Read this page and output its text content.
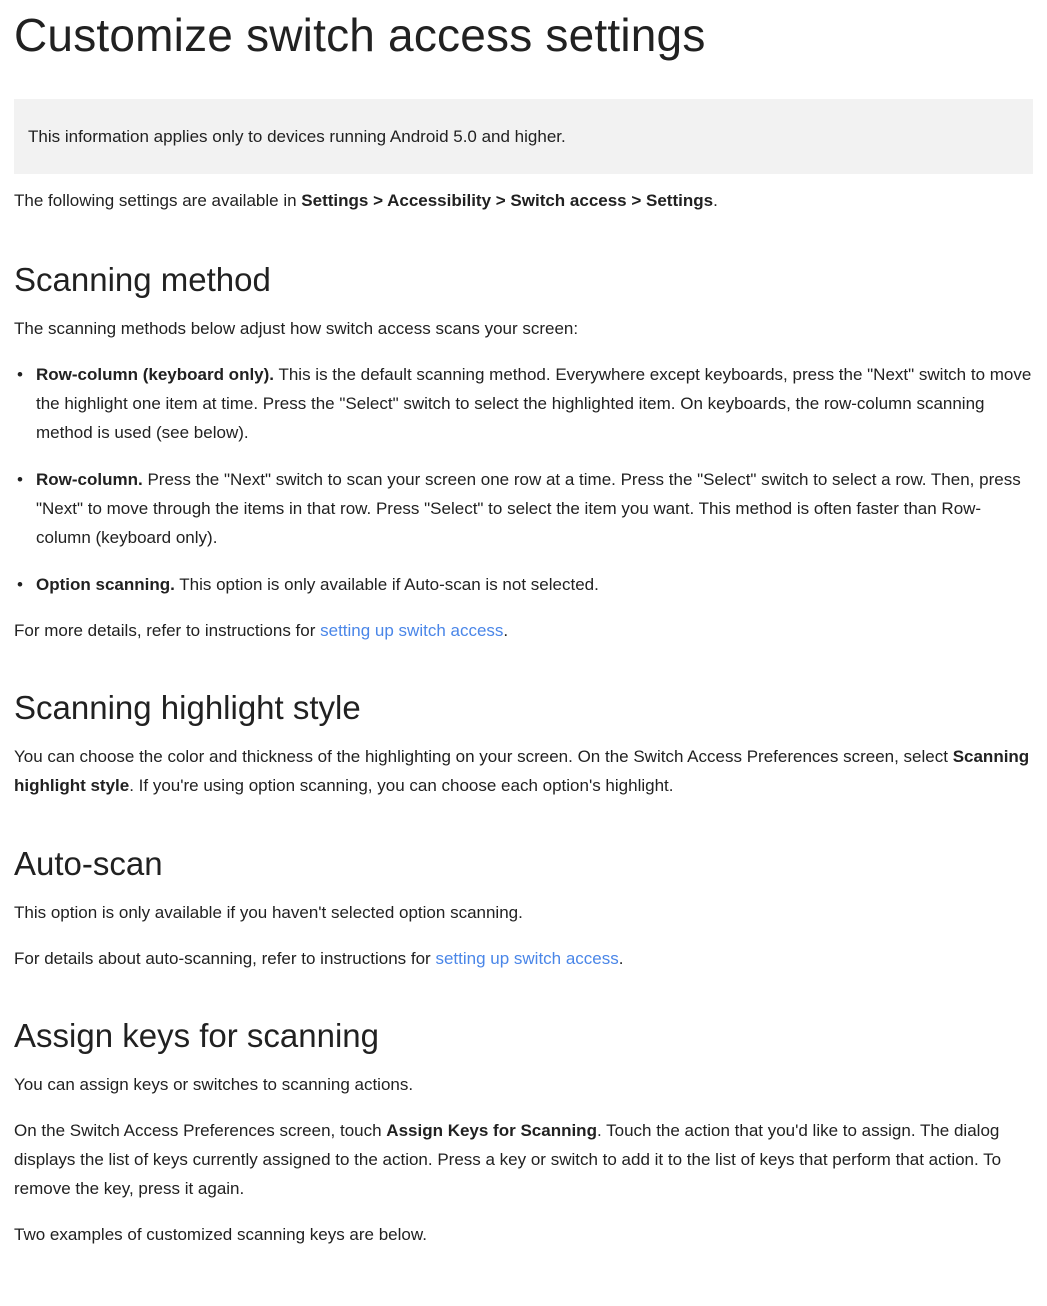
Customize switch access settings
This information applies only to devices running Android 5.0 and higher.

The following settings are available in Settings > Accessibility > Switch access > Settings.

Scanning method

The scanning methods below adjust how switch access scans your screen:

• Row-column (keyboard only). This is the default scanning method. Everywhere except keyboards, press the "Next" switch to move the highlight one item at time. Press the "Select" switch to select the highlighted item. On keyboards, the row-column scanning method is used (see below).
• Row-column. Press the "Next" switch to scan your screen one row at a time. Press the "Select" switch to select a row. Then, press "Next" to move through the items in that row. Press "Select" to select the item you want. This method is often faster than Row-column (keyboard only).
• Option scanning. This option is only available if Auto-scan is not selected.

For more details, refer to instructions for setting up switch access.

Scanning highlight style

You can choose the color and thickness of the highlighting on your screen. On the Switch Access Preferences screen, select Scanning highlight style. If you're using option scanning, you can choose each option's highlight.

Auto-scan

This option is only available if you haven't selected option scanning.

For details about auto-scanning, refer to instructions for setting up switch access.

Assign keys for scanning

You can assign keys or switches to scanning actions.

On the Switch Access Preferences screen, touch Assign Keys for Scanning. Touch the action that you'd like to assign. The dialog displays the list of keys currently assigned to the action. Press a key or switch to add it to the list of keys that perform that action. To remove the key, press it again.

Two examples of customized scanning keys are below.
